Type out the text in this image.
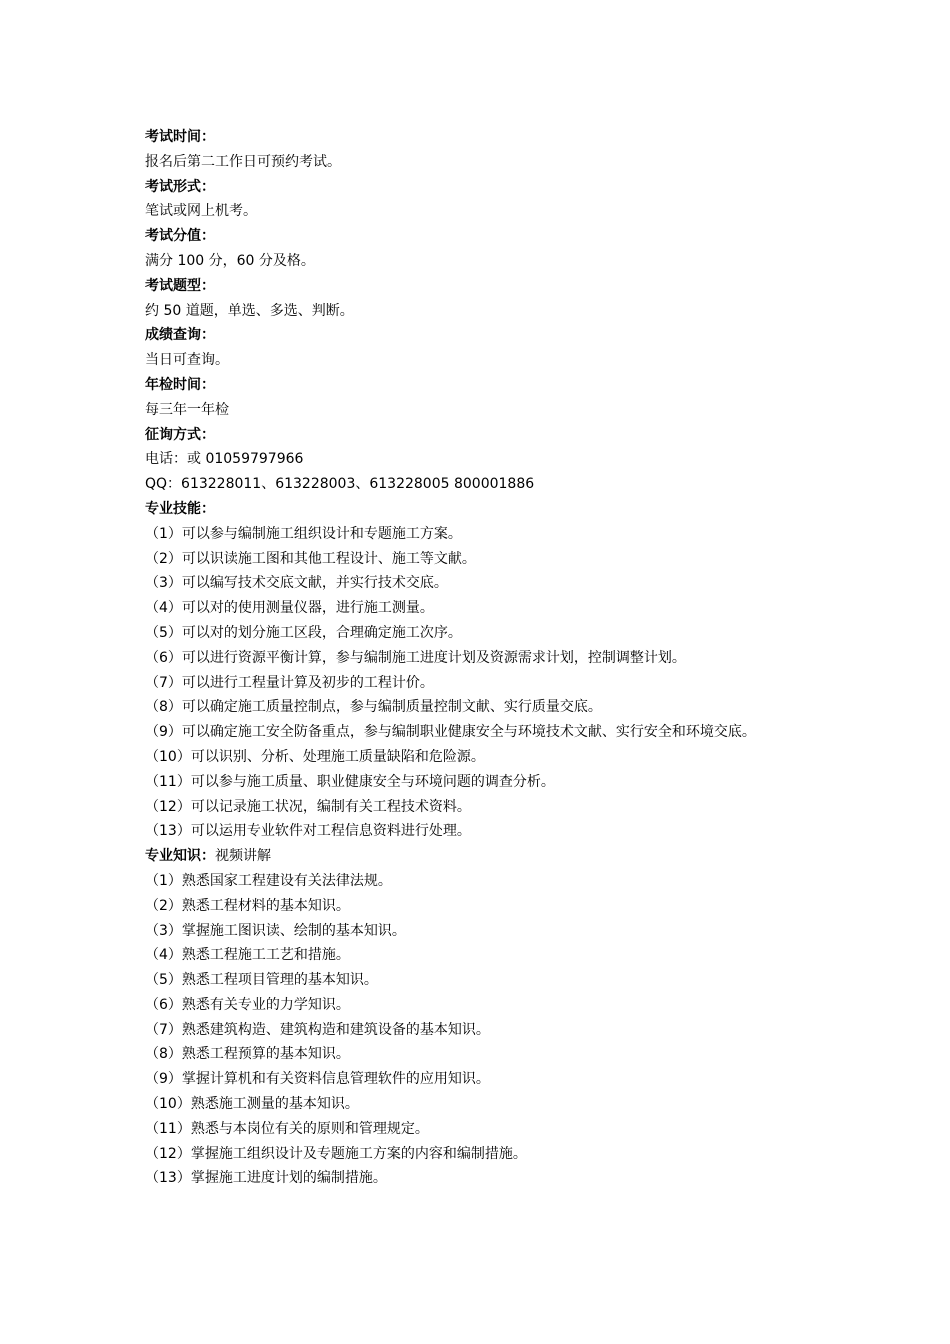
考试时间：
报名后第二工作日可预约考试。
考试形式：
笔试或网上机考。
考试分值：
满分 100 分，60 分及格。
考试题型：
约 50 道题，单选、多选、判断。
成绩查询：
当日可查询。
年检时间：
每三年一年检
征询方式：
电话：或 01059797966
QQ：613228011、613228003、613228005 800001886
专业技能：
（1）可以参与编制施工组织设计和专题施工方案。
（2）可以识读施工图和其他工程设计、施工等文献。
（3）可以编写技术交底文献，并实行技术交底。
（4）可以对的使用测量仪器，进行施工测量。
（5）可以对的划分施工区段，合理确定施工次序。
（6）可以进行资源平衡计算，参与编制施工进度计划及资源需求计划，控制调整计划。
（7）可以进行工程量计算及初步的工程计价。
（8）可以确定施工质量控制点，参与编制质量控制文献、实行质量交底。
（9）可以确定施工安全防备重点，参与编制职业健康安全与环境技术文献、实行安全和环境交底。
（10）可以识别、分析、处理施工质量缺陷和危险源。
（11）可以参与施工质量、职业健康安全与环境问题的调查分析。
（12）可以记录施工状况，编制有关工程技术资料。
（13）可以运用专业软件对工程信息资料进行处理。
专业知识：视频讲解
（1）熟悉国家工程建设有关法律法规。
（2）熟悉工程材料的基本知识。
（3）掌握施工图识读、绘制的基本知识。
（4）熟悉工程施工工艺和措施。
（5）熟悉工程项目管理的基本知识。
（6）熟悉有关专业的力学知识。
（7）熟悉建筑构造、建筑构造和建筑设备的基本知识。
（8）熟悉工程预算的基本知识。
（9）掌握计算机和有关资料信息管理软件的应用知识。
（10）熟悉施工测量的基本知识。
（11）熟悉与本岗位有关的原则和管理规定。
（12）掌握施工组织设计及专题施工方案的内容和编制措施。
（13）掌握施工进度计划的编制措施。
